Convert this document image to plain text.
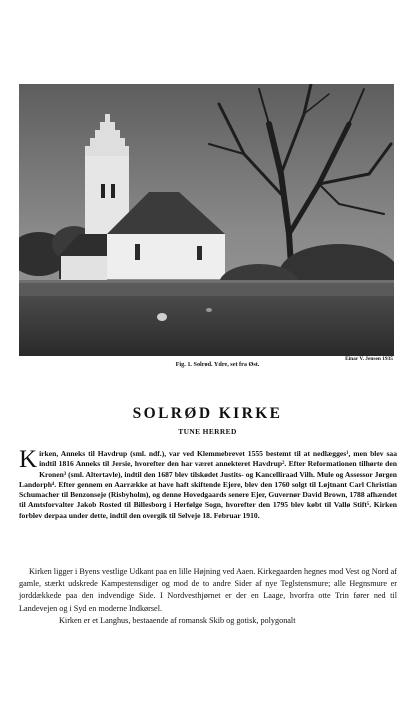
Fig. 1. Solrød. Ydre, set fra Øst.
Einar V. Jensen 1935
SOLRØD KIRKE
TUNE HERRED
Kirken, Anneks til Havdrup (sml. ndf.), var ved Klemmebrevet 1555 bestemt til at nedlægges¹, men blev saa indtil 1816 Anneks til Jersie, hvorefter den har været annekteret Havdrup². Efter Reformationen tilhørte den Kronen³ (sml. Altertavle), indtil den 1687 blev tilskødet Justits- og Kancelliraad Vilh. Mule og Assessor Jørgen Landorph⁴. Efter gennem en Aarrække at have haft skiftende Ejere, blev den 1760 solgt til Løjtnant Carl Christian Schumacher til Benzonseje (Risbyholm), og denne Hovedgaards senere Ejer, Guvernør David Brown, 1788 afhændet til Amtsforvalter Jakob Rosted til Billesborg i Herfølge Sogn, hvorefter den 1795 blev købt til Vallø Stift⁵. Kirken forblev derpaa under dette, indtil den overgik til Selveje 18. Februar 1910.

Kirken ligger i Byens vestlige Udkant paa en lille Højning ved Aaen. Kirkegaarden hegnes mod Vest og Nord af gamle, stærkt udskrede Kampestensdiger og mod de to andre Sider af nye Teglstensmure; alle Hegnsmure er jorddækkede paa den indvendige Side. I Nordvesthjørnet er der en Laage, hvorfra otte Trin fører ned til Landevejen og i Syd en moderne Indkørsel.

Kirken er et Langhus, bestaaende af romansk Skib og gotisk, polygonalt
